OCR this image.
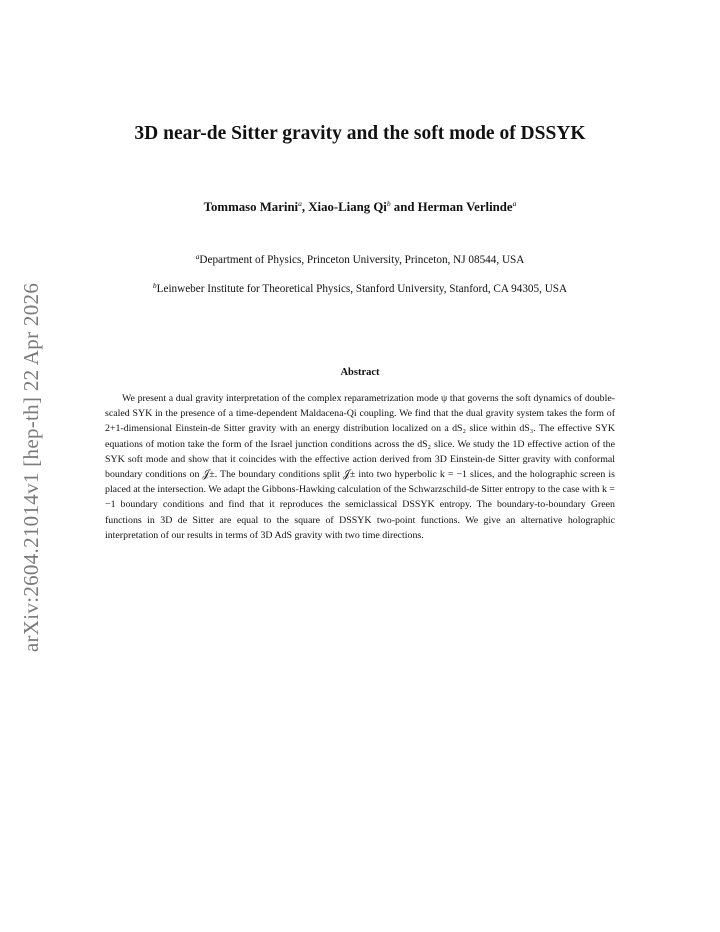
arXiv:2604.21014v1 [hep-th] 22 Apr 2026
3D near-de Sitter gravity and the soft mode of DSSYK
Tommaso Marini$^a$, Xiao-Liang Qi$^b$ and Herman Verlinde$^a$
$^a$Department of Physics, Princeton University, Princeton, NJ 08544, USA
$^b$Leinweber Institute for Theoretical Physics, Stanford University, Stanford, CA 94305, USA
Abstract

We present a dual gravity interpretation of the complex reparametrization mode ψ that governs the soft dynamics of double-scaled SYK in the presence of a time-dependent Maldacena-Qi coupling. We find that the dual gravity system takes the form of 2+1-dimensional Einstein-de Sitter gravity with an energy distribution localized on a dS₂ slice within dS₃. The effective SYK equations of motion take the form of the Israel junction conditions across the dS₂ slice. We study the 1D effective action of the SYK soft mode and show that it coincides with the effective action derived from 3D Einstein-de Sitter gravity with conformal boundary conditions on 𝒥±. The boundary conditions split 𝒥± into two hyperbolic k = −1 slices, and the holographic screen is placed at the intersection. We adapt the Gibbons-Hawking calculation of the Schwarzschild-de Sitter entropy to the case with k = −1 boundary conditions and find that it reproduces the semiclassical DSSYK entropy. The boundary-to-boundary Green functions in 3D de Sitter are equal to the square of DSSYK two-point functions. We give an alternative holographic interpretation of our results in terms of 3D AdS gravity with two time directions.
